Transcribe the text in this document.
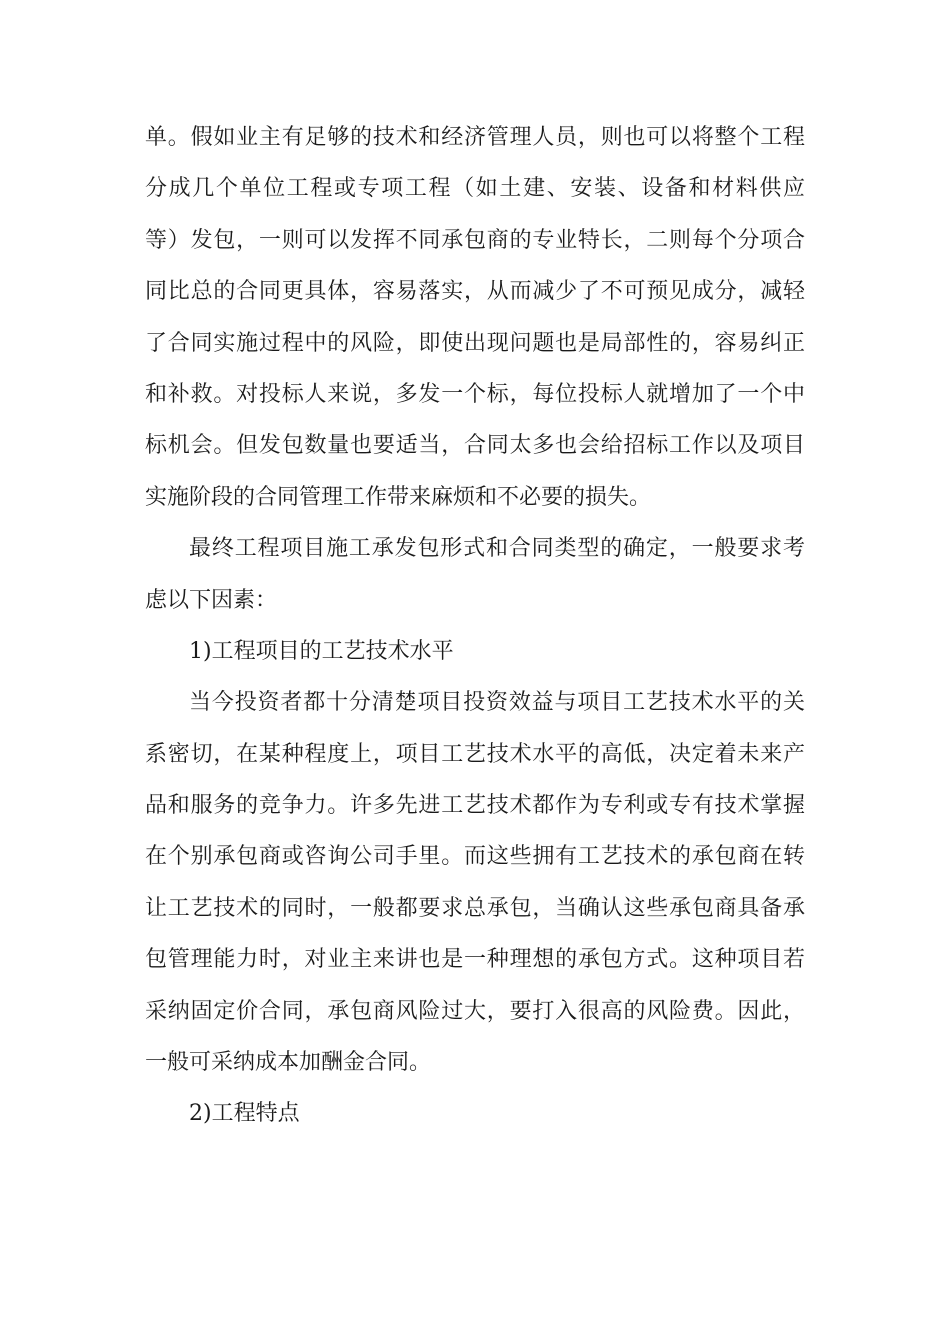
单。假如业主有足够的技术和经济管理人员，则也可以将整个工程
分成几个单位工程或专项工程（如土建、安装、设备和材料供应
等）发包，一则可以发挥不同承包商的专业特长，二则每个分项合
同比总的合同更具体，容易落实，从而减少了不可预见成分，减轻
了合同实施过程中的风险，即使出现问题也是局部性的，容易纠正
和补救。对投标人来说，多发一个标，每位投标人就增加了一个中
标机会。但发包数量也要适当，合同太多也会给招标工作以及项目
实施阶段的合同管理工作带来麻烦和不必要的损失。
最终工程项目施工承发包形式和合同类型的确定，一般要求考
虑以下因素：
1)工程项目的工艺技术水平
当今投资者都十分清楚项目投资效益与项目工艺技术水平的关
系密切，在某种程度上，项目工艺技术水平的高低，决定着未来产
品和服务的竞争力。许多先进工艺技术都作为专利或专有技术掌握
在个别承包商或咨询公司手里。而这些拥有工艺技术的承包商在转
让工艺技术的同时，一般都要求总承包，当确认这些承包商具备承
包管理能力时，对业主来讲也是一种理想的承包方式。这种项目若
采纳固定价合同，承包商风险过大，要打入很高的风险费。因此，
一般可采纳成本加酬金合同。
2)工程特点
